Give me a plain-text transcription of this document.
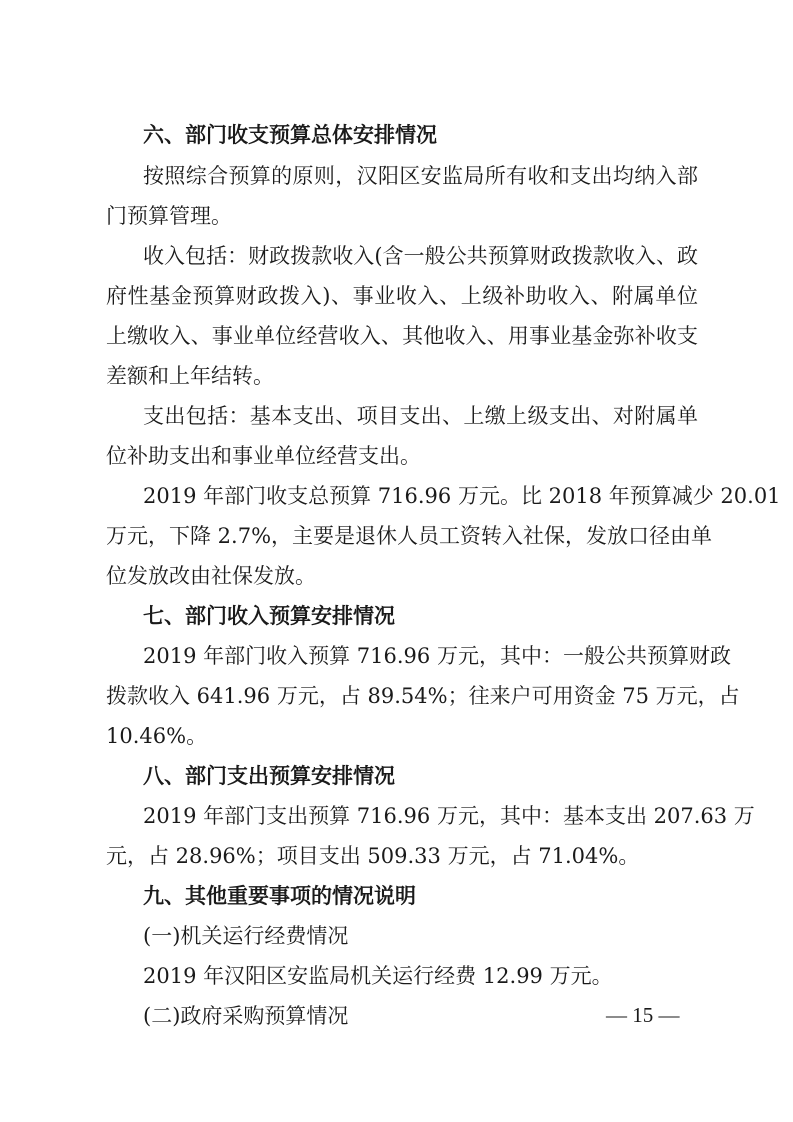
六、部门收支预算总体安排情况
按照综合预算的原则，汉阳区安监局所有收和支出均纳入部
门预算管理。
收入包括：财政拨款收入(含一般公共预算财政拨款收入、政
府性基金预算财政拨入)、事业收入、上级补助收入、附属单位
上缴收入、事业单位经营收入、其他收入、用事业基金弥补收支
差额和上年结转。
支出包括：基本支出、项目支出、上缴上级支出、对附属单
位补助支出和事业单位经营支出。
2019 年部门收支总预算 716.96 万元。比 2018 年预算减少 20.01
万元，下降 2.7%，主要是退休人员工资转入社保，发放口径由单
位发放改由社保发放。
七、部门收入预算安排情况
2019 年部门收入预算 716.96 万元，其中：一般公共预算财政
拨款收入 641.96 万元，占 89.54%；往来户可用资金 75 万元，占
10.46%。
八、部门支出预算安排情况
2019 年部门支出预算 716.96 万元，其中：基本支出 207.63 万
元，占 28.96%；项目支出 509.33 万元，占 71.04%。
九、其他重要事项的情况说明
(一)机关运行经费情况
2019 年汉阳区安监局机关运行经费 12.99 万元。
(二)政府采购预算情况	— 15 —
